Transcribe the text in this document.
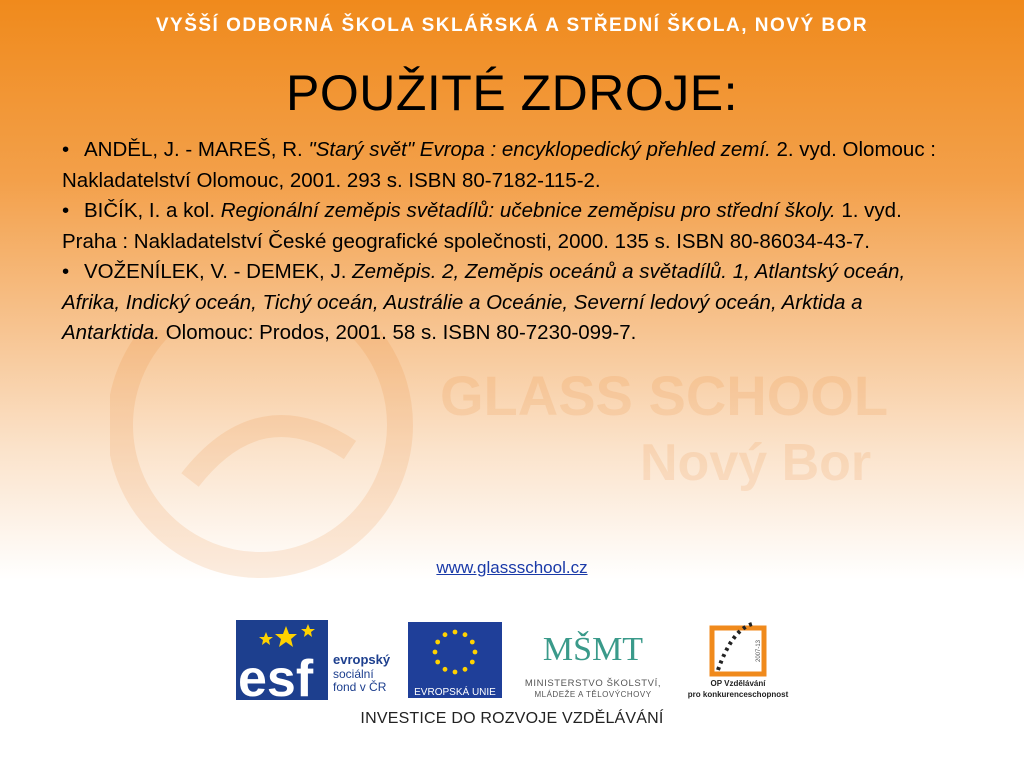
VYŠŠÍ ODBORNÁ ŠKOLA SKLÁŘSKÁ A STŘEDNÍ ŠKOLA, NOVÝ BOR
POUŽITÉ ZDROJE:
GLASS SCHOOL
Nový Bor

• ANDĚL, J. - MAREŠ, R. "Starý svět" Evropa : encyklopedický přehled zemí. 2. vyd. Olomouc : Nakladatelství Olomouc, 2001. 293 s. ISBN 80-7182-115-2.

• BIČÍK, I. a kol. Regionální zeměpis světadílů: učebnice zeměpisu pro střední školy. 1. vyd. Praha : Nakladatelství České geografické společnosti, 2000. 135 s. ISBN 80-86034-43-7.

• VOŽENÍLEK, V. - DEMEK, J. Zeměpis. 2, Zeměpis oceánů a světadílů. 1, Atlantský oceán, Afrika, Indický oceán, Tichý oceán, Austrálie a Oceánie, Severní ledový oceán, Arktida a Antarktida. Olomouc: Prodos, 2001. 58 s. ISBN 80-7230-099-7.

www.glassschool.cz
esf evropský
sociální
fond v ČR	EVROPSKÁ UNIE
MŠMT
MINISTERSTVO ŠKOLSTVÍ,
MLÁDEŽE A TĚLOVÝCHOVY
2007-13
OP Vzdělávání
pro konkurenceschopnost
INVESTICE DO ROZVOJE VZDĚLÁVÁNÍ
